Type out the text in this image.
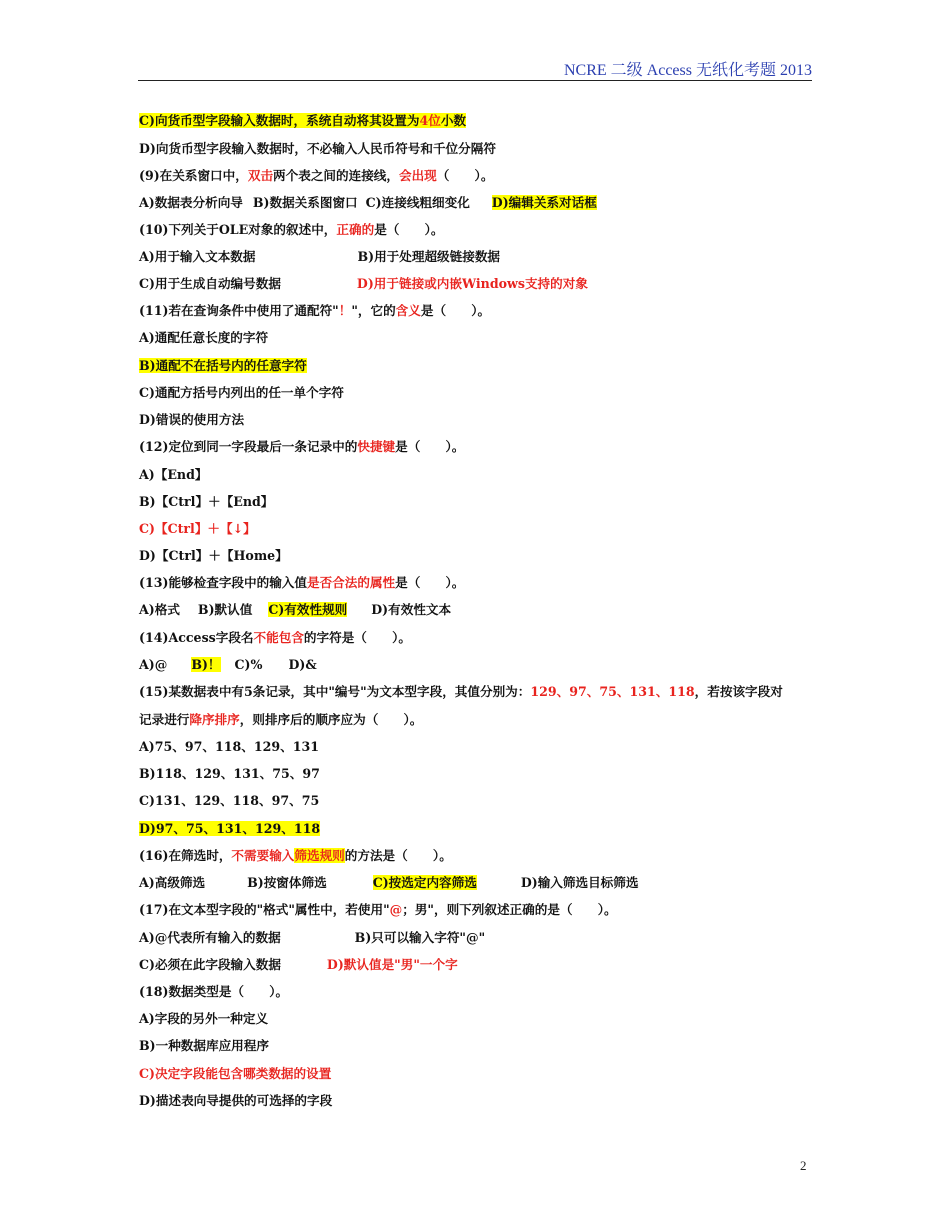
NCRE 二级 Access 无纸化考题 2013
C)向货币型字段输入数据时，系统自动将其设置为4位小数
D)向货币型字段输入数据时，不必输入人民币符号和千位分隔符
(9)在关系窗口中，双击两个表之间的连接线，会出现（　　）。
A)数据表分析向导 B)数据关系图窗口 C)连接线粗细变化 D)编辑关系对话框
(10)下列关于OLE对象的叙述中，正确的是（　　）。
A)用于输入文本数据	B)用于处理超级链接数据
C)用于生成自动编号数据	D)用于链接或内嵌Windows支持的对象
(11)若在查询条件中使用了通配符"！"，它的含义是（　　）。
A)通配任意长度的字符
B)通配不在括号内的任意字符
C)通配方括号内列出的任一单个字符
D)错误的使用方法
(12)定位到同一字段最后一条记录中的快捷键是（　　）。
A)【End】
B)【Ctrl】＋【End】
C)【Ctrl】＋【↓】
D)【Ctrl】＋【Home】
(13)能够检查字段中的输入值是否合法的属性是（　　）。
A)格式 B)默认值 C)有效性规则 D)有效性文本
(14)Access字段名不能包含的字符是（　　）。
A)@ B)！ C)% D)&
(15)某数据表中有5条记录，其中"编号"为文本型字段，其值分别为：129、97、75、131、118，若按该字段对
记录进行降序排序，则排序后的顺序应为（　　）。
A)75、97、118、129、131
B)118、129、131、75、97
C)131、129、118、97、75
D)97、75、131、129、118
(16)在筛选时，不需要输入筛选规则的方法是（　　）。
A)高级筛选	B)按窗体筛选	C)按选定内容筛选	D)输入筛选目标筛选
(17)在文本型字段的"格式"属性中，若使用"@；男"，则下列叙述正确的是（　　）。
A)@代表所有输入的数据	B)只可以输入字符"@"
C)必须在此字段输入数据	D)默认值是"男"一个字
(18)数据类型是（　　）。
A)字段的另外一种定义
B)一种数据库应用程序
C)决定字段能包含哪类数据的设置
D)描述表向导提供的可选择的字段
2
